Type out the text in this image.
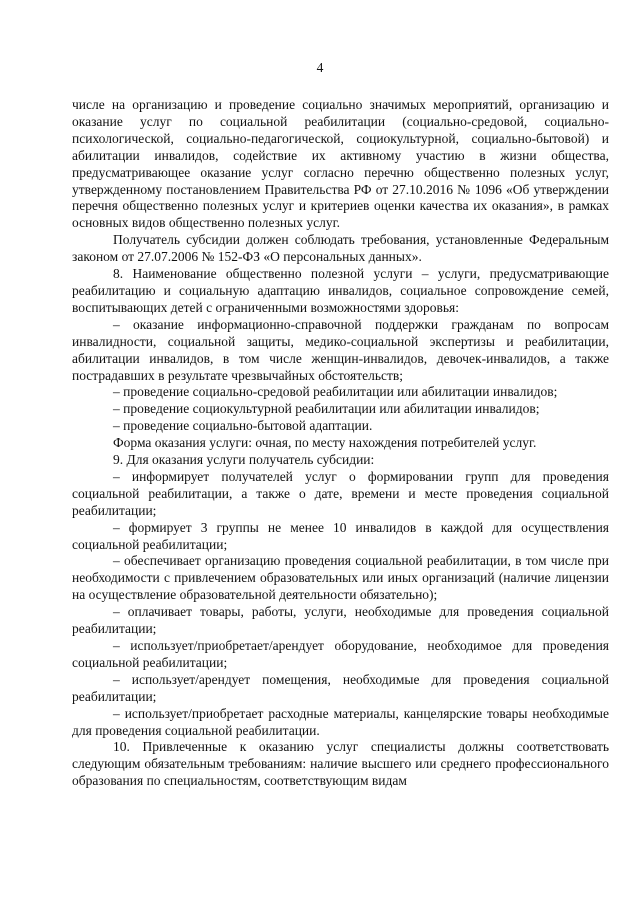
4

числе на организацию и проведение социально значимых мероприятий, организацию и оказание услуг по социальной реабилитации (социально-средовой, социально-психологической, социально-педагогической, социокультурной, социально-бытовой) и абилитации инвалидов, содействие их активному участию в жизни общества, предусматривающее оказание услуг согласно перечню общественно полезных услуг, утвержденному постановлением Правительства РФ от 27.10.2016 № 1096 «Об утверждении перечня общественно полезных услуг и критериев оценки качества их оказания», в рамках основных видов общественно полезных услуг.

Получатель субсидии должен соблюдать требования, установленные Федеральным законом от 27.07.2006 № 152-ФЗ «О персональных данных».

8. Наименование общественно полезной услуги – услуги, предусматривающие реабилитацию и социальную адаптацию инвалидов, социальное сопровождение семей, воспитывающих детей с ограниченными возможностями здоровья:

– оказание информационно-справочной поддержки гражданам по вопросам инвалидности, социальной защиты, медико-социальной экспертизы и реабилитации, абилитации инвалидов, в том числе женщин-инвалидов, девочек-инвалидов, а также пострадавших в результате чрезвычайных обстоятельств;

– проведение социально-средовой реабилитации или абилитации инвалидов;

– проведение социокультурной реабилитации или абилитации инвалидов;

– проведение социально-бытовой адаптации.

Форма оказания услуги: очная, по месту нахождения потребителей услуг.

9. Для оказания услуги получатель субсидии:

– информирует получателей услуг о формировании групп для проведения социальной реабилитации, а также о дате, времени и месте проведения социальной реабилитации;

– формирует 3 группы не менее 10 инвалидов в каждой для осуществления социальной реабилитации;

– обеспечивает организацию проведения социальной реабилитации, в том числе при необходимости с привлечением образовательных или иных организаций (наличие лицензии на осуществление образовательной деятельности обязательно);

– оплачивает товары, работы, услуги, необходимые для проведения социальной реабилитации;

– использует/приобретает/арендует оборудование, необходимое для проведения социальной реабилитации;

– использует/арендует помещения, необходимые для проведения социальной реабилитации;

– использует/приобретает расходные материалы, канцелярские товары необходимые для проведения социальной реабилитации.

10. Привлеченные к оказанию услуг специалисты должны соответствовать следующим обязательным требованиям: наличие высшего или среднего профессионального образования по специальностям, соответствующим видам
